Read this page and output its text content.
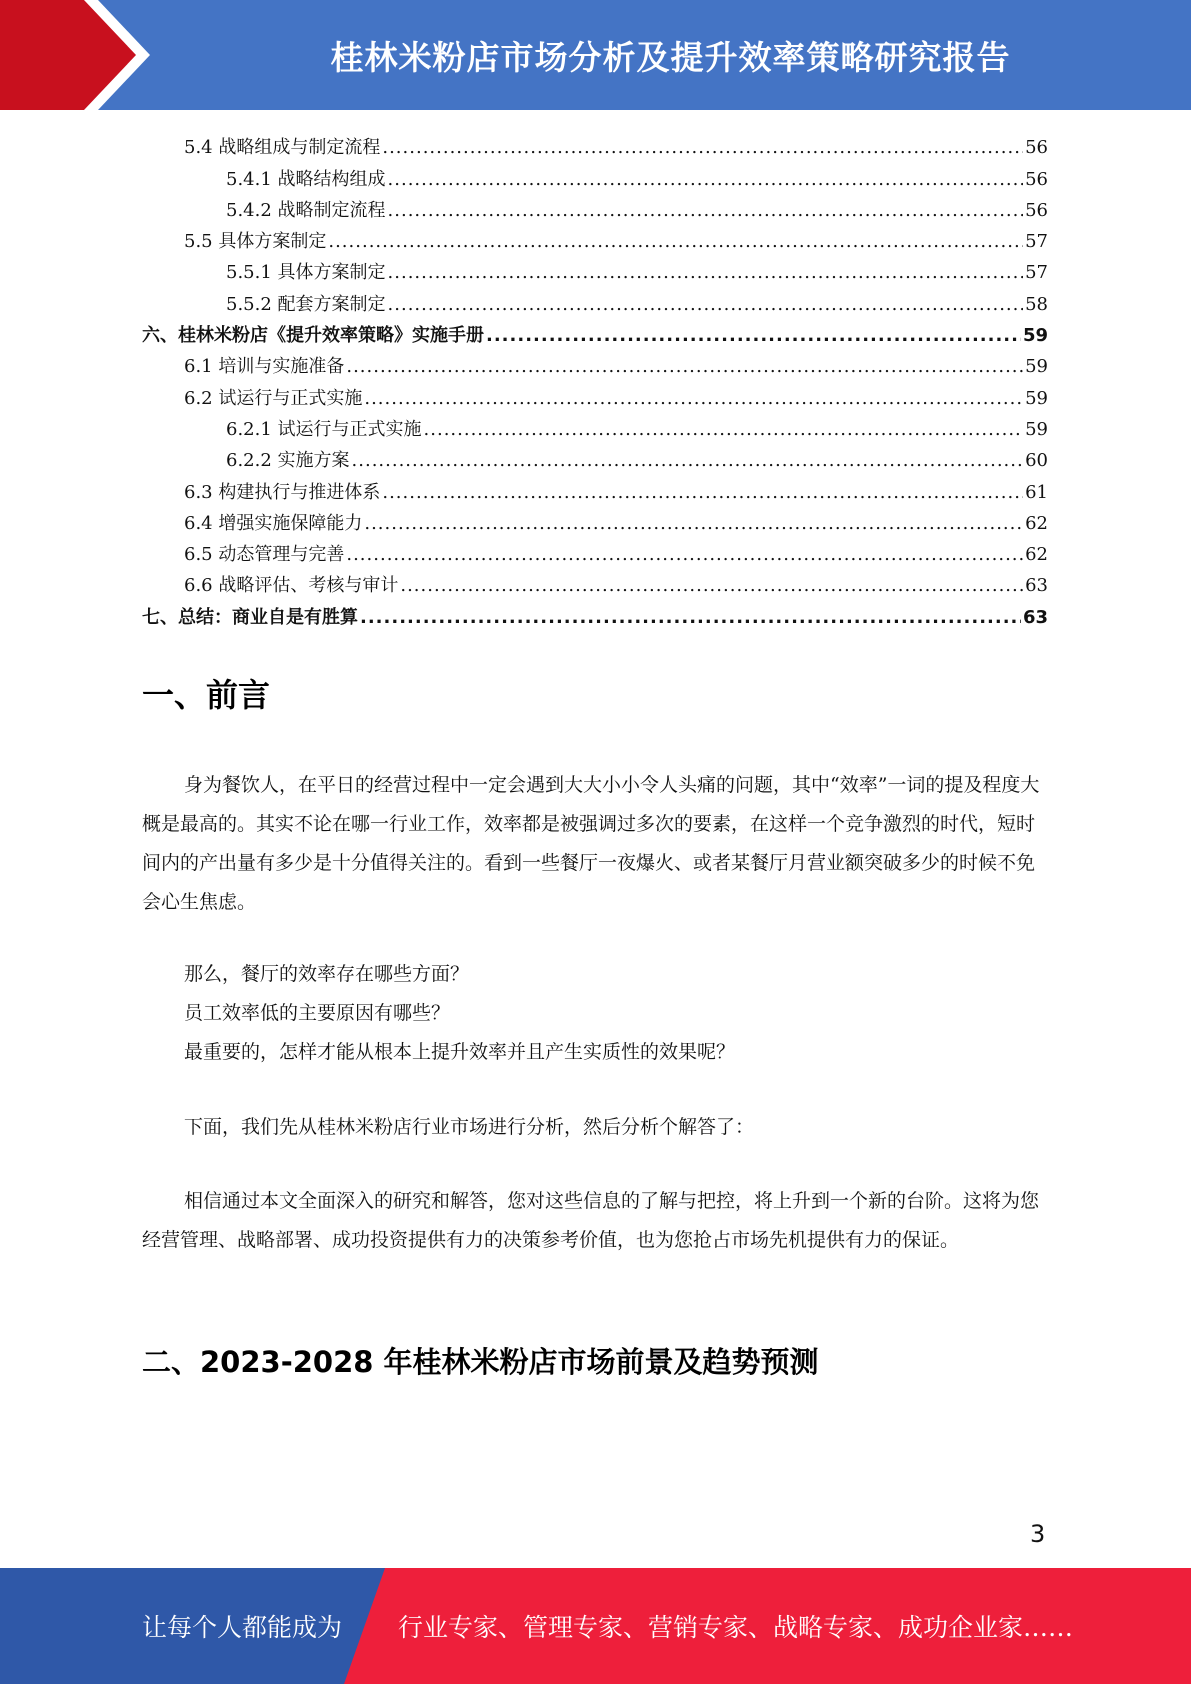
桂林米粉店市场分析及提升效率策略研究报告
5.4 战略组成与制定流程 .....	56
5.4.1 战略结构组成 .....	56
5.4.2 战略制定流程 .....	56
5.5 具体方案制定 .....	57
5.5.1 具体方案制定 .....	57
5.5.2 配套方案制定 .....	58
六、桂林米粉店《提升效率策略》实施手册 .....	59
6.1 培训与实施准备 .....	59
6.2 试运行与正式实施 .....	59
6.2.1 试运行与正式实施 .....	59
6.2.2 实施方案 .....	60
6.3 构建执行与推进体系 .....	61
6.4 增强实施保障能力 .....	62
6.5 动态管理与完善 .....	62
6.6 战略评估、考核与审计 .....	63
七、总结：商业自是有胜算 .....	63
一、前言

身为餐饮人，在平日的经营过程中一定会遇到大大小小令人头痛的问题，其中“效率”一词的提及程度大概是最高的。其实不论在哪一行业工作，效率都是被强调过多次的要素，在这样一个竞争激烈的时代，短时间内的产出量有多少是十分值得关注的。看到一些餐厅一夜爆火、或者某餐厅月营业额突破多少的时候不免会心生焦虑。

那么，餐厅的效率存在哪些方面？

员工效率低的主要原因有哪些？

最重要的，怎样才能从根本上提升效率并且产生实质性的效果呢？

下面，我们先从桂林米粉店行业市场进行分析，然后分析个解答了：

相信通过本文全面深入的研究和解答，您对这些信息的了解与把控，将上升到一个新的台阶。这将为您经营管理、战略部署、成功投资提供有力的决策参考价值，也为您抢占市场先机提供有力的保证。

二、2023-2028 年桂林米粉店市场前景及趋势预测
3
让每个人都能成为 行业专家、管理专家、营销专家、战略专家、成功企业家……
